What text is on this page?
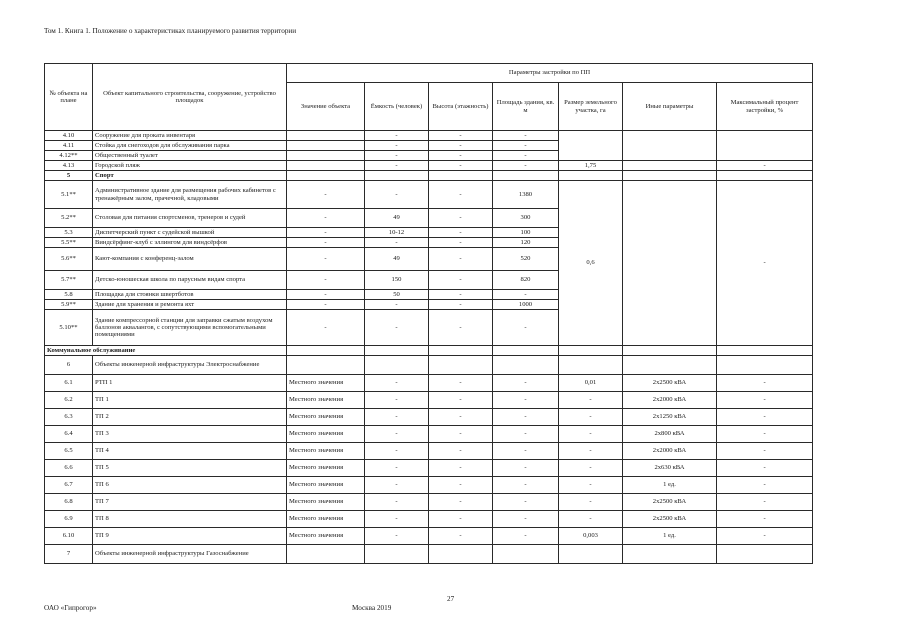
Том 1. Книга 1. Положение о характеристиках планируемого развития территории
№ объекта на плане	Объект капитального строительства, сооружение, устройство площадок	Параметры застройки по ПП						
		Значение объекта	Ёмкость (человек)	Высота (этажность)	Площадь здания, кв. м	Размер земельного участка, га	Иные параметры	Максимальный процент застройки, %
4.10	Сооружение для проката инвентаря		-	-	-			
4.11	Стойка для снегоходов для обслуживания парка		-	-	-			
4.12**	Общественный туалет		-	-	-			
4.13	Городской пляж		-	-	-	1,75		-
5	Спорт							
5.1**	Административное здание для размещения рабочих кабинетов с тренажёрным залом, прачечной, кладовыми	-	-	-	1380	0,6		-
5.2**	Столовая для питания спортсменов, тренеров и судей	-	49	-	300			
5.3	Диспетчерский пункт с судейской вышкой	-	10-12	-	100			
5.5**	Виндсёрфинг-клуб с эллингом для виндсёрфов	-	-	-	120			
5.6**	Кают-компания с конференц-залом	-	49	-	520			
5.7**	Детско-юношеская школа по парусным видам спорта	-	150	-	820			
5.8	Площадка для стоянки швертботов	-	50	-	-			
5.9**	Здание для хранения и ремонта яхт	-	-	-	1000			
5.10**	Здание компрессорной станции для заправки сжатым воздухом баллонов аквалангов, с сопутствующими вспомогательными помещениями	-	-	-	-			
Коммунальное обслуживание								
6	Объекты инженерной инфраструктуры Электроснабжение							
6.1	РТП 1	Местного значения	-	-	-	0,01	2х2500 кВА	-
6.2	ТП 1	Местного значения	-	-	-	-	2х2000 кВА	-
6.3	ТП 2	Местного значения	-	-	-	-	2х1250 кВА	-
6.4	ТП 3	Местного значения	-	-	-	-	2х800 кВА	-
6.5	ТП 4	Местного значения	-	-	-	-	2х2000 кВА	-
6.6	ТП 5	Местного значения	-	-	-	-	2х630 кВА	-
6.7	ТП 6	Местного значения	-	-	-	-	1 ед.	-
6.8	ТП 7	Местного значения	-	-	-	-	2х2500 кВА	-
6.9	ТП 8	Местного значения	-	-	-	-	2х2500 кВА	-
6.10	ТП 9	Местного значения	-	-	-	0,003	1 ед.	-
7	Объекты инженерной инфраструктуры Газоснабжение							
27
ОАО «Гипрогор»	Москва 2019
